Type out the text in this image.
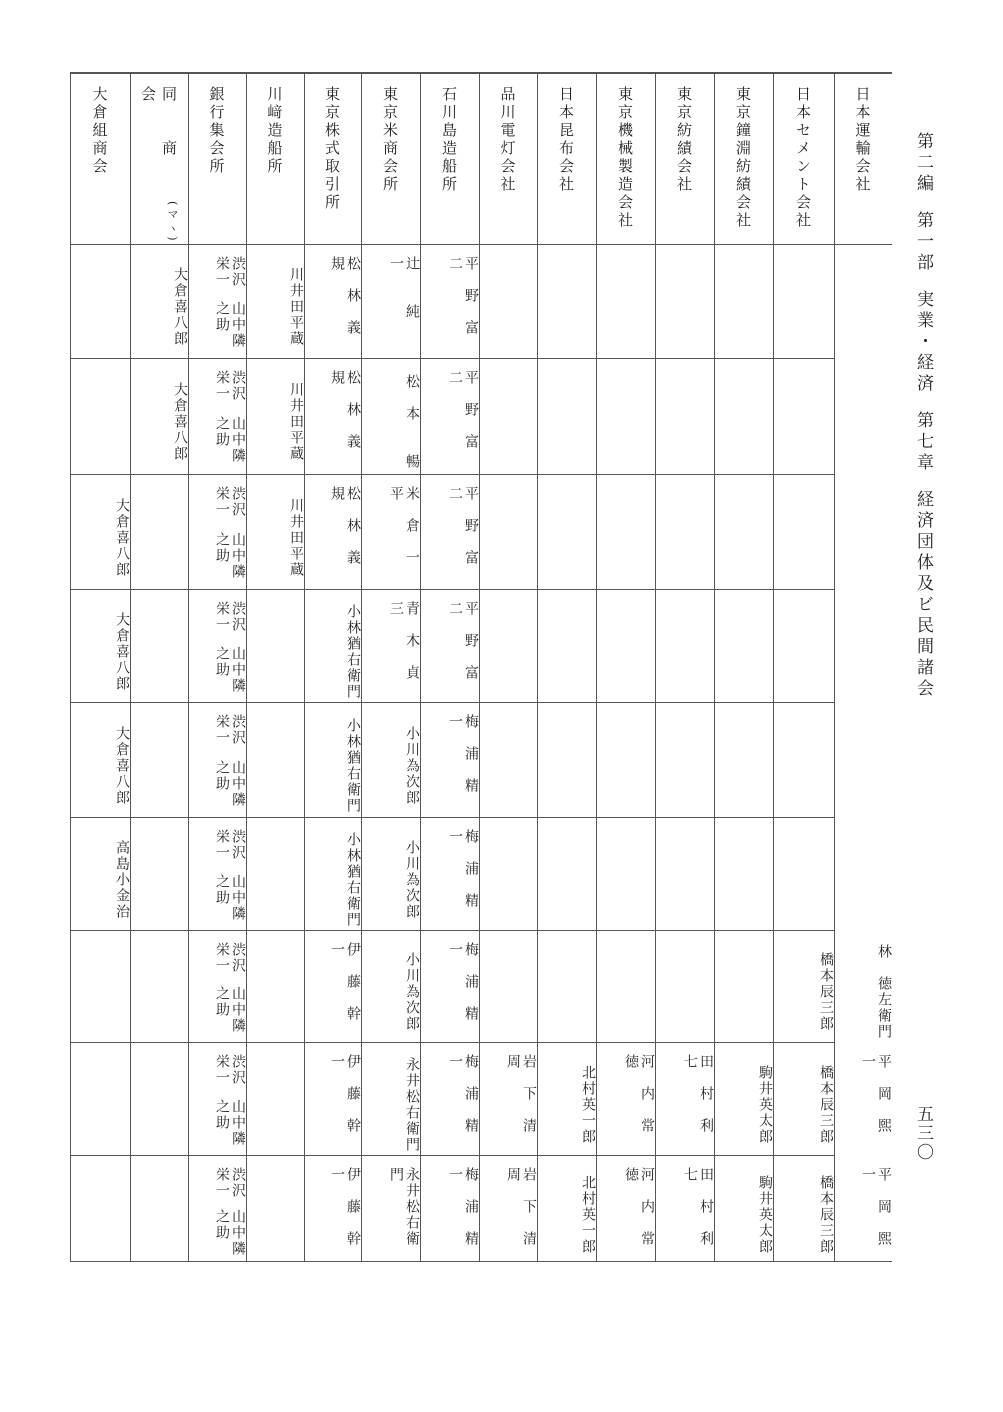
第二編
第一部
実業・経済
第七章
経済団体及ビ民間諸会
五三〇
日本運輸会社
林　徳左衛門
平　岡　煕　一
平　岡　煕　一
日本セメント会社
橋本辰三郎
橋本辰三郎
橋本辰三郎
東京鐘淵紡績会社
駒井英太郎
駒井英太郎
東京紡績会社
田　村　利　七
田　村　利　七
東京機械製造会社
河　内　常　徳
河　内　常　徳
日本昆布会社
北村英一郎
北村英一郎
品川電灯会社
岩　下　清　周
岩　下　清　周
石川島造船所
平　野　富　二
平　野　富　二
平　野　富　二
平　野　富　二
梅　浦　精　一
梅　浦　精　一
梅　浦　精　一
梅　浦　精　一
梅　浦　精　一
東京米商会所
辻　　純　　一
松　本　　暢
米　倉　一　平
青　木　貞　三
小川為次郎
小川為次郎
小川為次郎
永井松右衛門
永井松右衛門
東京株式取引所
松　林　義　規
松　林　義　規
松　林　義　規
小林猶右衛門
小林猶右衛門
小林猶右衛門
伊　藤　幹　一
伊　藤　幹　一
伊　藤　幹　一
川﨑造船所
川井田平蔵
川井田平蔵
川井田平蔵
銀行集会所
渋沢栄一
山中隣之助
渋沢栄一
山中隣之助
渋沢栄一
山中隣之助
渋沢栄一
山中隣之助
渋沢栄一
山中隣之助
渋沢栄一
山中隣之助
渋沢栄一
山中隣之助
渋沢栄一
山中隣之助
渋沢栄一
山中隣之助
(マヽ)
同　　商　　会
大倉喜八郎
大倉喜八郎
大倉組商会
大倉喜八郎
大倉喜八郎
大倉喜八郎
高島小金治
